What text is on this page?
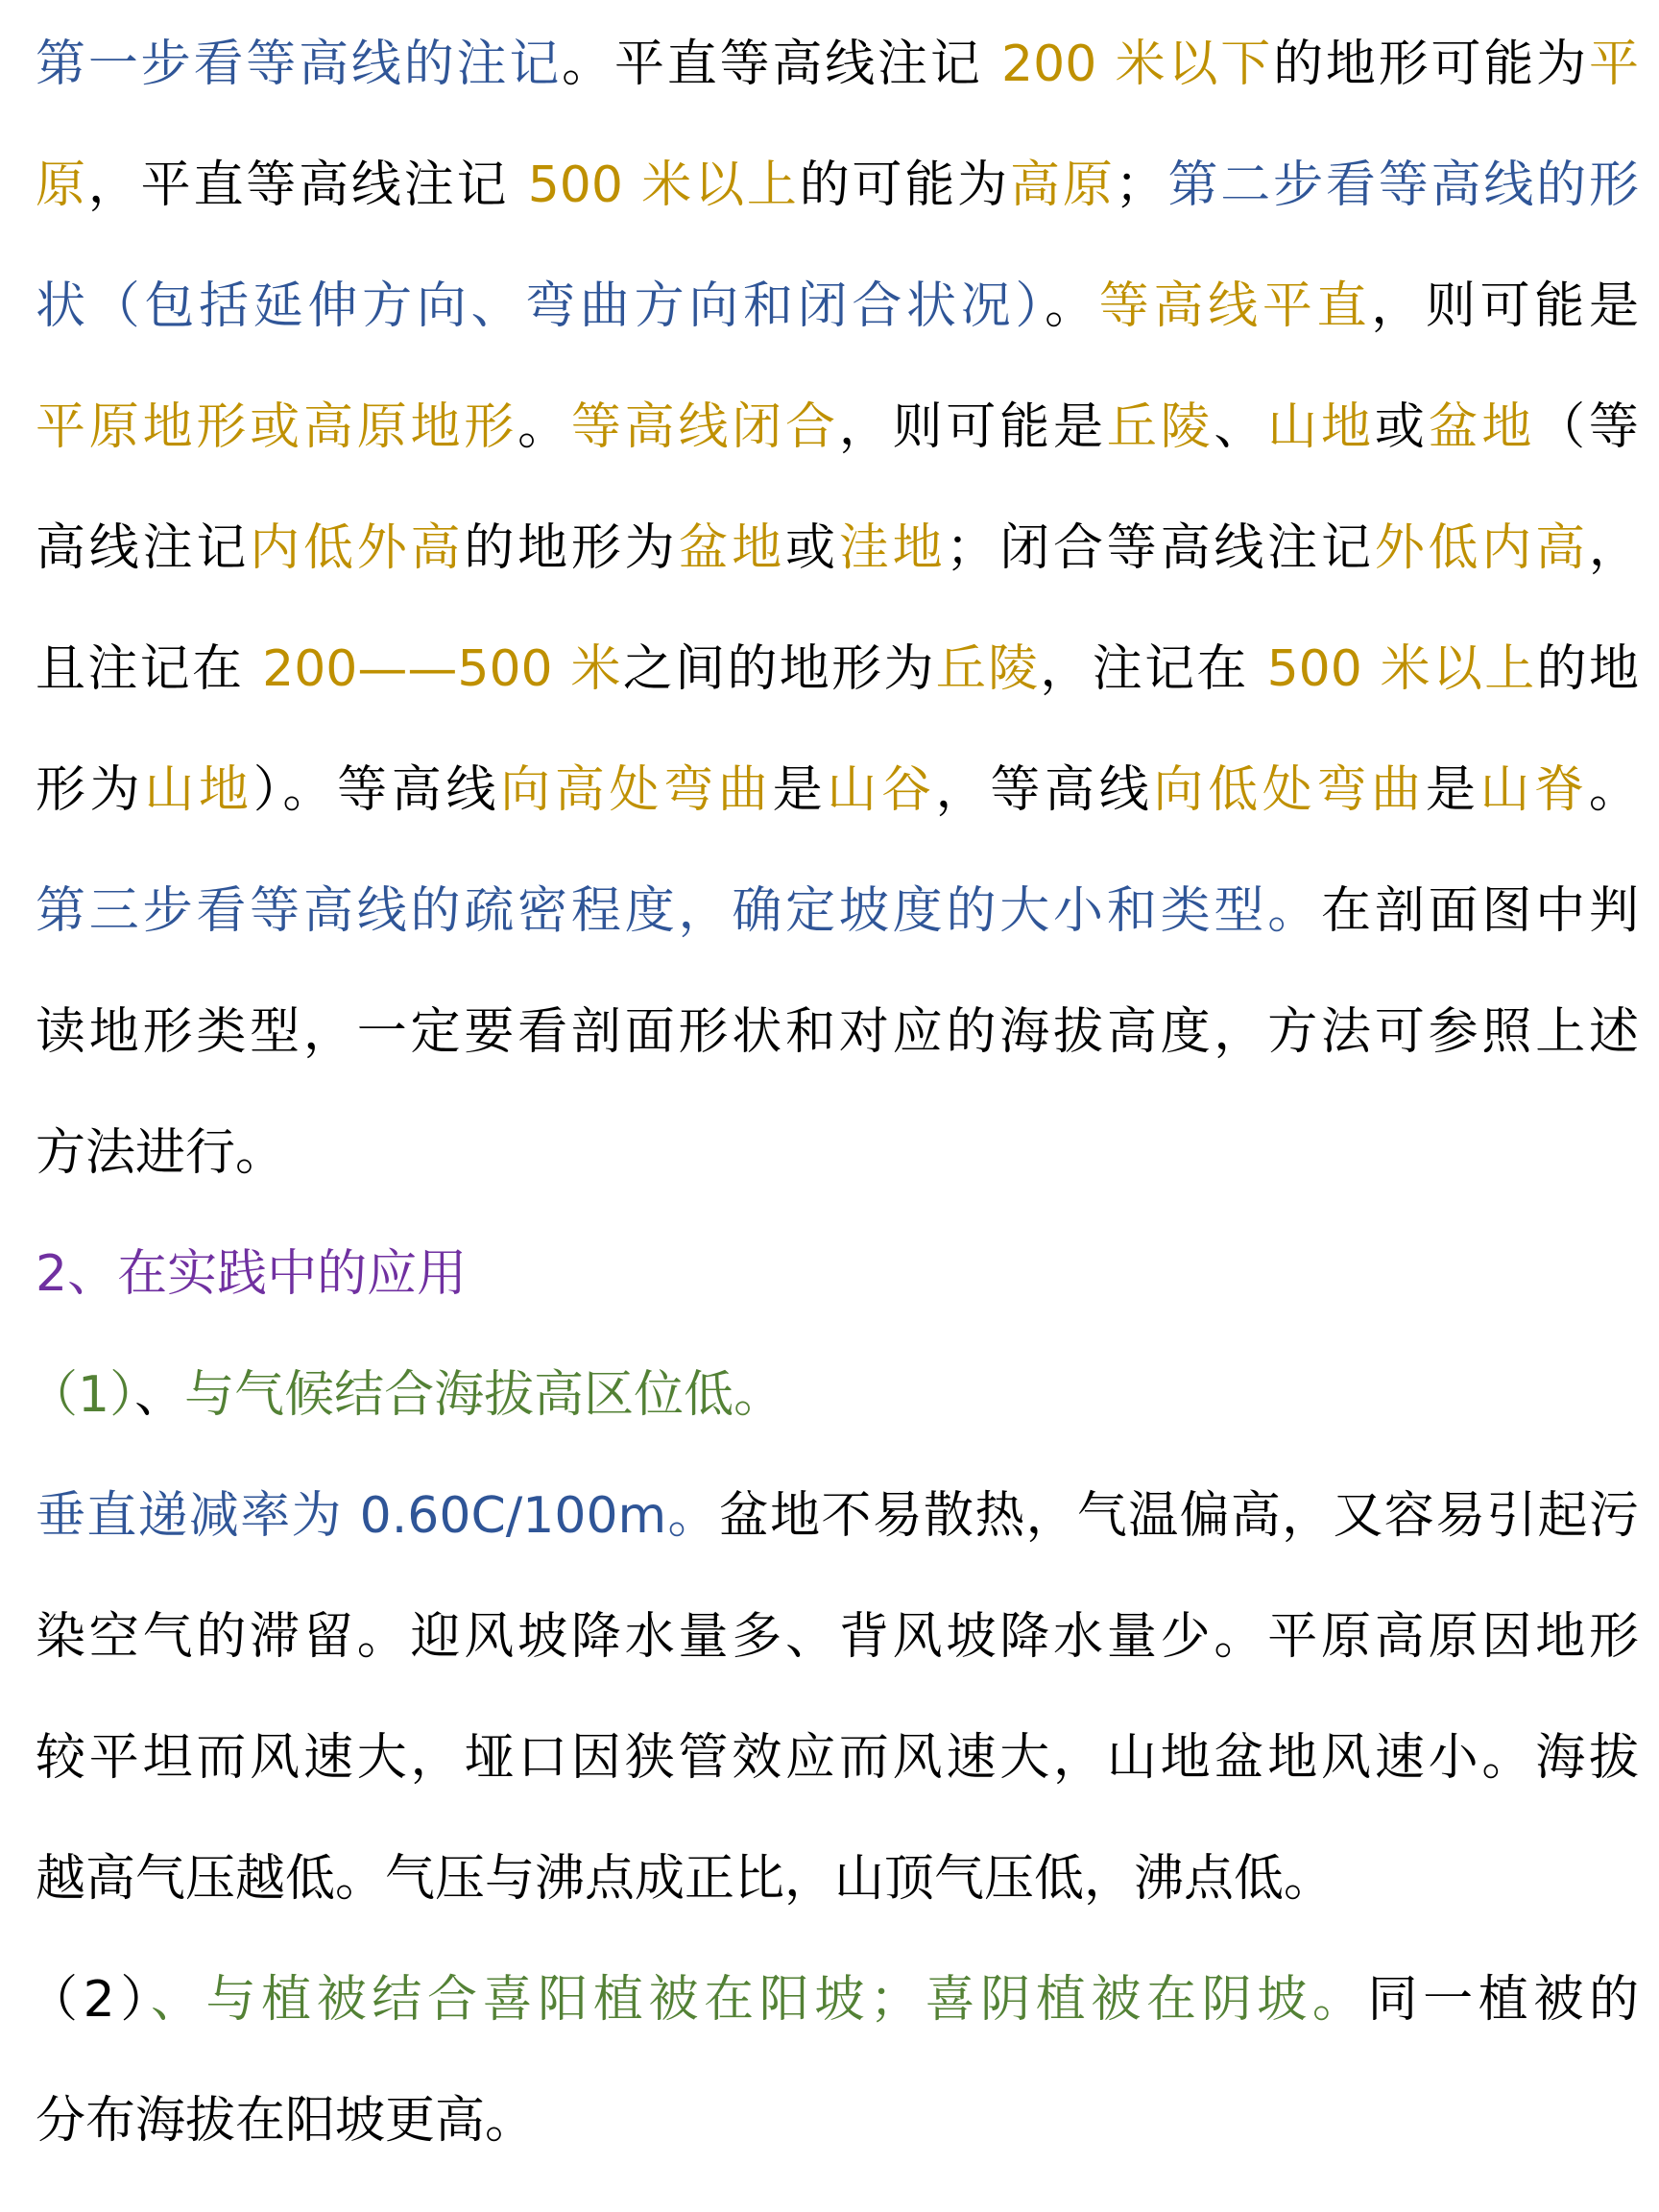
第一步看等高线的注记。平直等高线注记 200 米以下的地形可能为平
原，平直等高线注记 500 米以上的可能为高原；第二步看等高线的形
状（包括延伸方向、弯曲方向和闭合状况）。等高线平直，则可能是
平原地形或高原地形。等高线闭合，则可能是丘陵、山地或盆地（等
高线注记内低外高的地形为盆地或洼地；闭合等高线注记外低内高，
且注记在 200——500 米之间的地形为丘陵，注记在 500 米以上的地
形为山地）。等高线向高处弯曲是山谷，等高线向低处弯曲是山脊。
第三步看等高线的疏密程度，确定坡度的大小和类型。在剖面图中判
读地形类型，一定要看剖面形状和对应的海拔高度，方法可参照上述
方法进行。
2、在实践中的应用
（1）、与气候结合海拔高区位低。
垂直递减率为 0.60C/100m。盆地不易散热，气温偏高，又容易引起污
染空气的滞留。迎风坡降水量多、背风坡降水量少。平原高原因地形
较平坦而风速大，垭口因狭管效应而风速大，山地盆地风速小。海拔
越高气压越低。气压与沸点成正比，山顶气压低，沸点低。
（2）、与植被结合喜阳植被在阳坡；喜阴植被在阴坡。同一植被的
分布海拔在阳坡更高。
